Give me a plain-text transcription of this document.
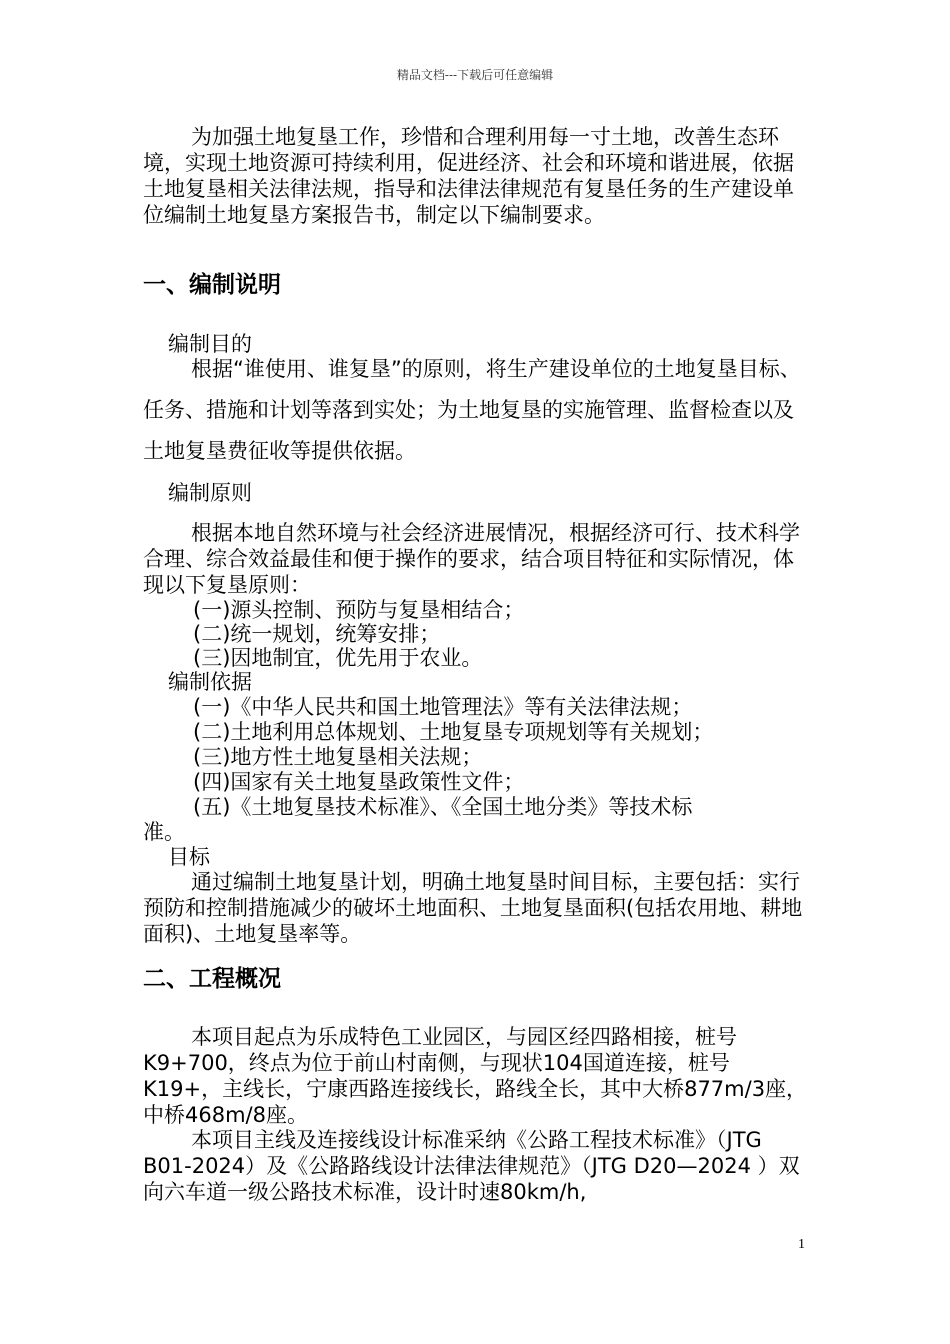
精品文档---下载后可任意编辑

为加强土地复垦工作，珍惜和合理利用每一寸土地，改善生态环境，实现土地资源可持续利用，促进经济、社会和环境和谐进展，依据土地复垦相关法律法规，指导和法律法律规范有复垦任务的生产建设单位编制土地复垦方案报告书，制定以下编制要求。

一、编制说明

编制目的

根据“谁使用、谁复垦”的原则，将生产建设单位的土地复垦目标、任务、措施和计划等落到实处；为土地复垦的实施管理、监督检查以及土地复垦费征收等提供依据。

编制原则

根据本地自然环境与社会经济进展情况，根据经济可行、技术科学合理、综合效益最佳和便于操作的要求，结合项目特征和实际情况，体现以下复垦原则：

(一)源头控制、预防与复垦相结合；

(二)统一规划，统筹安排；

(三)因地制宜，优先用于农业。

编制依据

(一)《中华人民共和国土地管理法》等有关法律法规；

(二)土地利用总体规划、土地复垦专项规划等有关规划；

(三)地方性土地复垦相关法规；

(四)国家有关土地复垦政策性文件；

(五)《土地复垦技术标准》、《全国土地分类》等技术标

准。

目标

通过编制土地复垦计划，明确土地复垦时间目标，主要包括：实行预防和控制措施减少的破坏土地面积、土地复垦面积(包括农用地、耕地面积)、土地复垦率等。

二、工程概况

本项目起点为乐成特色工业园区，与园区经四路相接，桩号K9+700，终点为位于前山村南侧，与现状104国道连接，桩号K19+，主线长，宁康西路连接线长，路线全长，其中大桥877m/3座，中桥468m/8座。

本项目主线及连接线设计标准采纳《公路工程技术标准》（JTG B01-2024）及《公路路线设计法律法律规范》（JTG D20—2024 ）双向六车道一级公路技术标准，设计时速80km/h,

1
